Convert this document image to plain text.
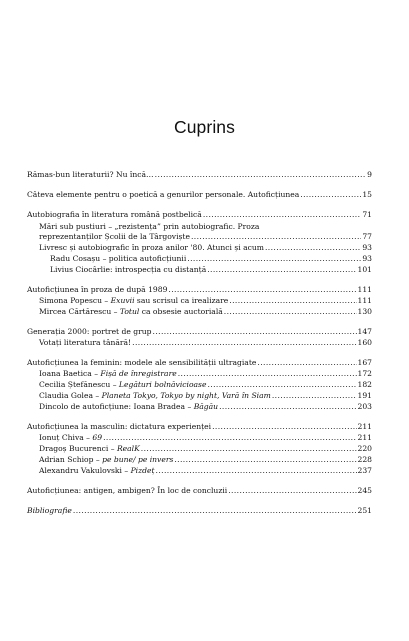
Cuprins
Rămas-bun literaturii? Nu încă… .....	9
Câteva elemente pentru o poetică a genurilor personale. Autoficțiunea .....	15
Autobiografia în literatura română postbelică .....	71
Mări sub pustiuri – „rezistența” prin autobiografic. Proza
reprezentanților Școlii de la Târgoviște .....	77
Livresc și autobiografic în proza anilor '80. Atunci și acum .....	93
Radu Cosașu – politica autoficțiunii .....	93
Livius Ciocârlie: introspecția cu distanță .....	101
Autoficțiunea în proza de după 1989 .....	111
Simona Popescu – Exuvii sau scrisul ca irealizare .....	111
Mircea Cărtărescu – Totul ca obsesie auctorială .....	130
Generația 2000: portret de grup .....	147
Votați literatura tânără! .....	160
Autoficțiunea la feminin: modele ale sensibilității ultragiate .....	167
Ioana Baetica – Fișă de înregistrare .....	172
Cecilia Ștefănescu – Legături bolnăvicioase .....	182
Claudia Golea – Planeta Tokyo, Tokyo by night, Vară în Siam .....	191
Dincolo de autoficțiune: Ioana Bradea – Băgău .....	203
Autoficțiunea la masculin: dictatura experienței .....	211
Ionuț Chiva – 69 .....	211
Dragoș Bucurenci – RealK .....	220
Adrian Schiop – pe bune/ pe invers .....	228
Alexandru Vakulovski – Pizdeț .....	237
Autoficțiunea: antigen, ambigen? În loc de concluzii .....	245
Bibliografie .....	251
